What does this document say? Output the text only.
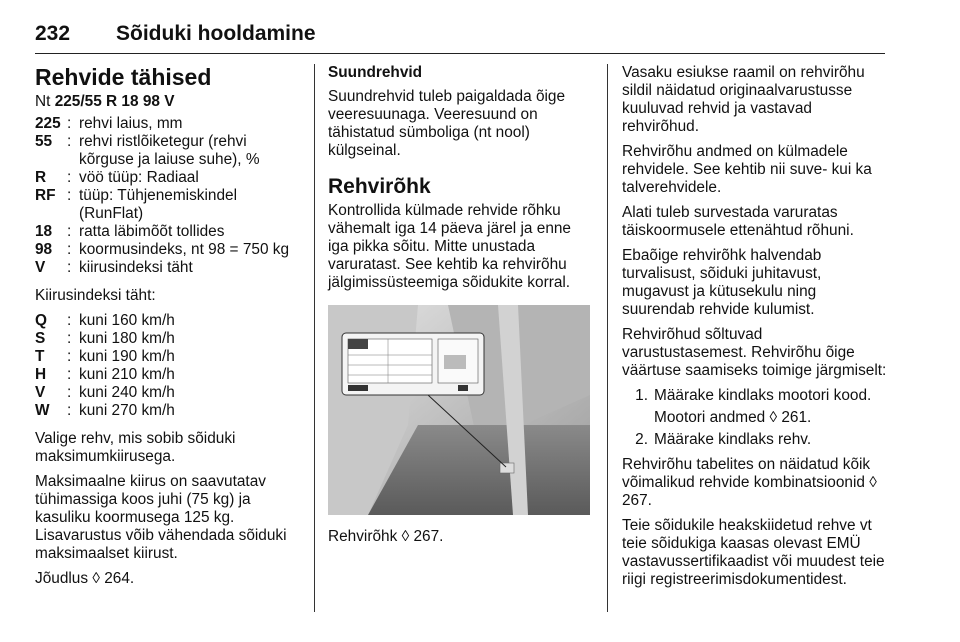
232 Sõiduki hooldamine
Rehvide tähised

Nt 225/55 R 18 98 V

225 : rehvi laius, mm
55 : rehvi ristlõiketegur (rehvi kõrguse ja laiuse suhe), %
R	: vöö tüüp: Radiaal
RF : tüüp: Tühjenemiskindel (RunFlat)
18 : ratta läbimõõt tollides
98 : koormusindeks, nt 98 = 750 kg
V	: kiirusindeksi täht

Kiirusindeksi täht:

Q	: kuni 160 km/h
S	: kuni 180 km/h
T	: kuni 190 km/h
H	: kuni 210 km/h
V	: kuni 240 km/h
W	: kuni 270 km/h

Valige rehv, mis sobib sõiduki maksimumkiirusega.

Maksimaalne kiirus on saavutatav tühimassiga koos juhi (75 kg) ja kasuliku koormusega 125 kg. Lisavarustus võib vähendada sõiduki maksimaalset kiirust.

Jõudlus ◊ 264.

Suundrehvid

Suundrehvid tuleb paigaldada õige veeresuunaga. Veeresuund on tähistatud sümboliga (nt nool) külgseinal.

Rehvirõhk

Kontrollida külmade rehvide rõhku vähemalt iga 14 päeva järel ja enne iga pikka sõitu. Mitte unustada varuratast. See kehtib ka rehvirõhu jälgimissüsteemiga sõidukite korral.

Rehvirõhk ◊ 267.

Vasaku esiukse raamil on rehvirõhu sildil näidatud originaalvarustusse kuuluvad rehvid ja vastavad rehvirõhud.

Rehvirõhu andmed on külmadele rehvidele. See kehtib nii suve- kui ka talverehvidele.

Alati tuleb survestada varuratas täiskoormusele ettenähtud rõhuni.

Ebaõige rehvirõhk halvendab turvalisust, sõiduki juhitavust, mugavust ja kütusekulu ning suurendab rehvide kulumist.

Rehvirõhud sõltuvad varustustasemest. Rehvirõhu õige väärtuse saamiseks toimige järgmiselt:

1. Määrake kindlaks mootori kood.
Mootori andmed ◊ 261.
2. Määrake kindlaks rehv.

Rehvirõhu tabelites on näidatud kõik võimalikud rehvide kombinatsioonid ◊ 267.

Teie sõidukile heakskiidetud rehve vt teie sõidukiga kaasas olevast EMÜ vastavussertifikaadist või muudest teie riigi registreerimisdokumentidest.
